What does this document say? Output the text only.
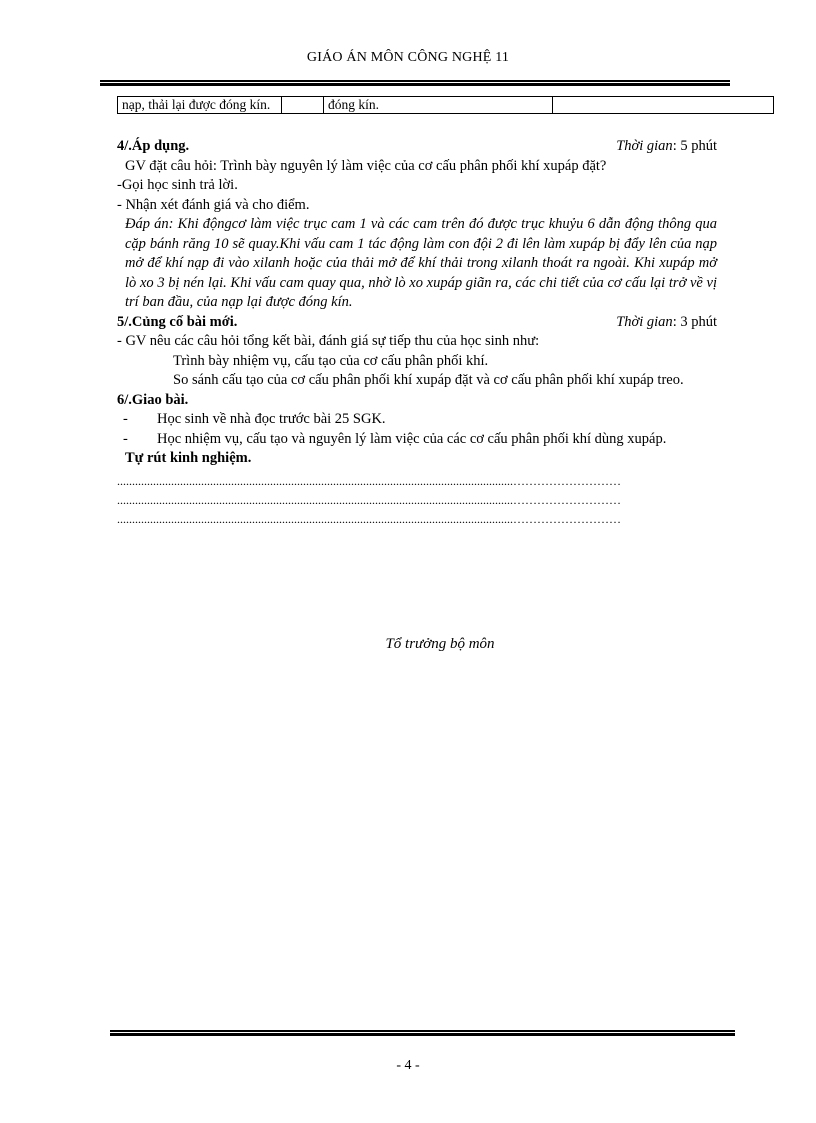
GIÁO ÁN MÔN CÔNG NGHỆ 11
nạp, thải lại được đóng kín.		đóng kín.	
4/.Áp dụng.	Thời gian: 5 phút
GV đặt câu hỏi: Trình bày nguyên lý làm việc của cơ cấu phân phối khí xupáp đặt?
-Gọi học sinh trả lời.
- Nhận xét đánh giá và cho điểm.
Đáp án: Khi độngcơ làm việc trục cam 1 và các cam trên đó được trục khuỷu 6 dẫn động thông qua cặp bánh răng 10 sẽ quay.Khi vấu cam 1 tác động làm con đội 2 đi lên làm xupáp bị đẩy lên của nạp mở để khí nạp đi vào xilanh hoặc của thải mở để khí thải trong xilanh thoát ra ngoài. Khi xupáp mở lò xo 3 bị nén lại. Khi vấu cam quay qua, nhờ lò xo xupáp giãn ra, các chi tiết của cơ cấu lại trở về vị trí ban đầu, của nạp lại được đóng kín.
5/.Củng cố bài mới.	Thời gian: 3 phút
- GV nêu các câu hỏi tổng kết bài, đánh giá sự tiếp thu của học sinh như:
Trình bày nhiệm vụ, cấu tạo của cơ cấu phân phối khí.
So sánh cấu tạo của cơ cấu phân phối khí xupáp đặt và cơ cấu phân phối khí xupáp treo.
6/.Giao bài.
-	Học sinh về nhà đọc trước bài 25 SGK.
-	Học nhiệm vụ, cấu tạo và nguyên lý làm việc của các cơ cấu phân phối khí dùng xupáp.
Tự rút kinh nghiệm.
....................................................................................................................................………………………
....................................................................................................................................………………………
....................................................................................................................................………………………
Tổ trưởng bộ môn
- 4 -
